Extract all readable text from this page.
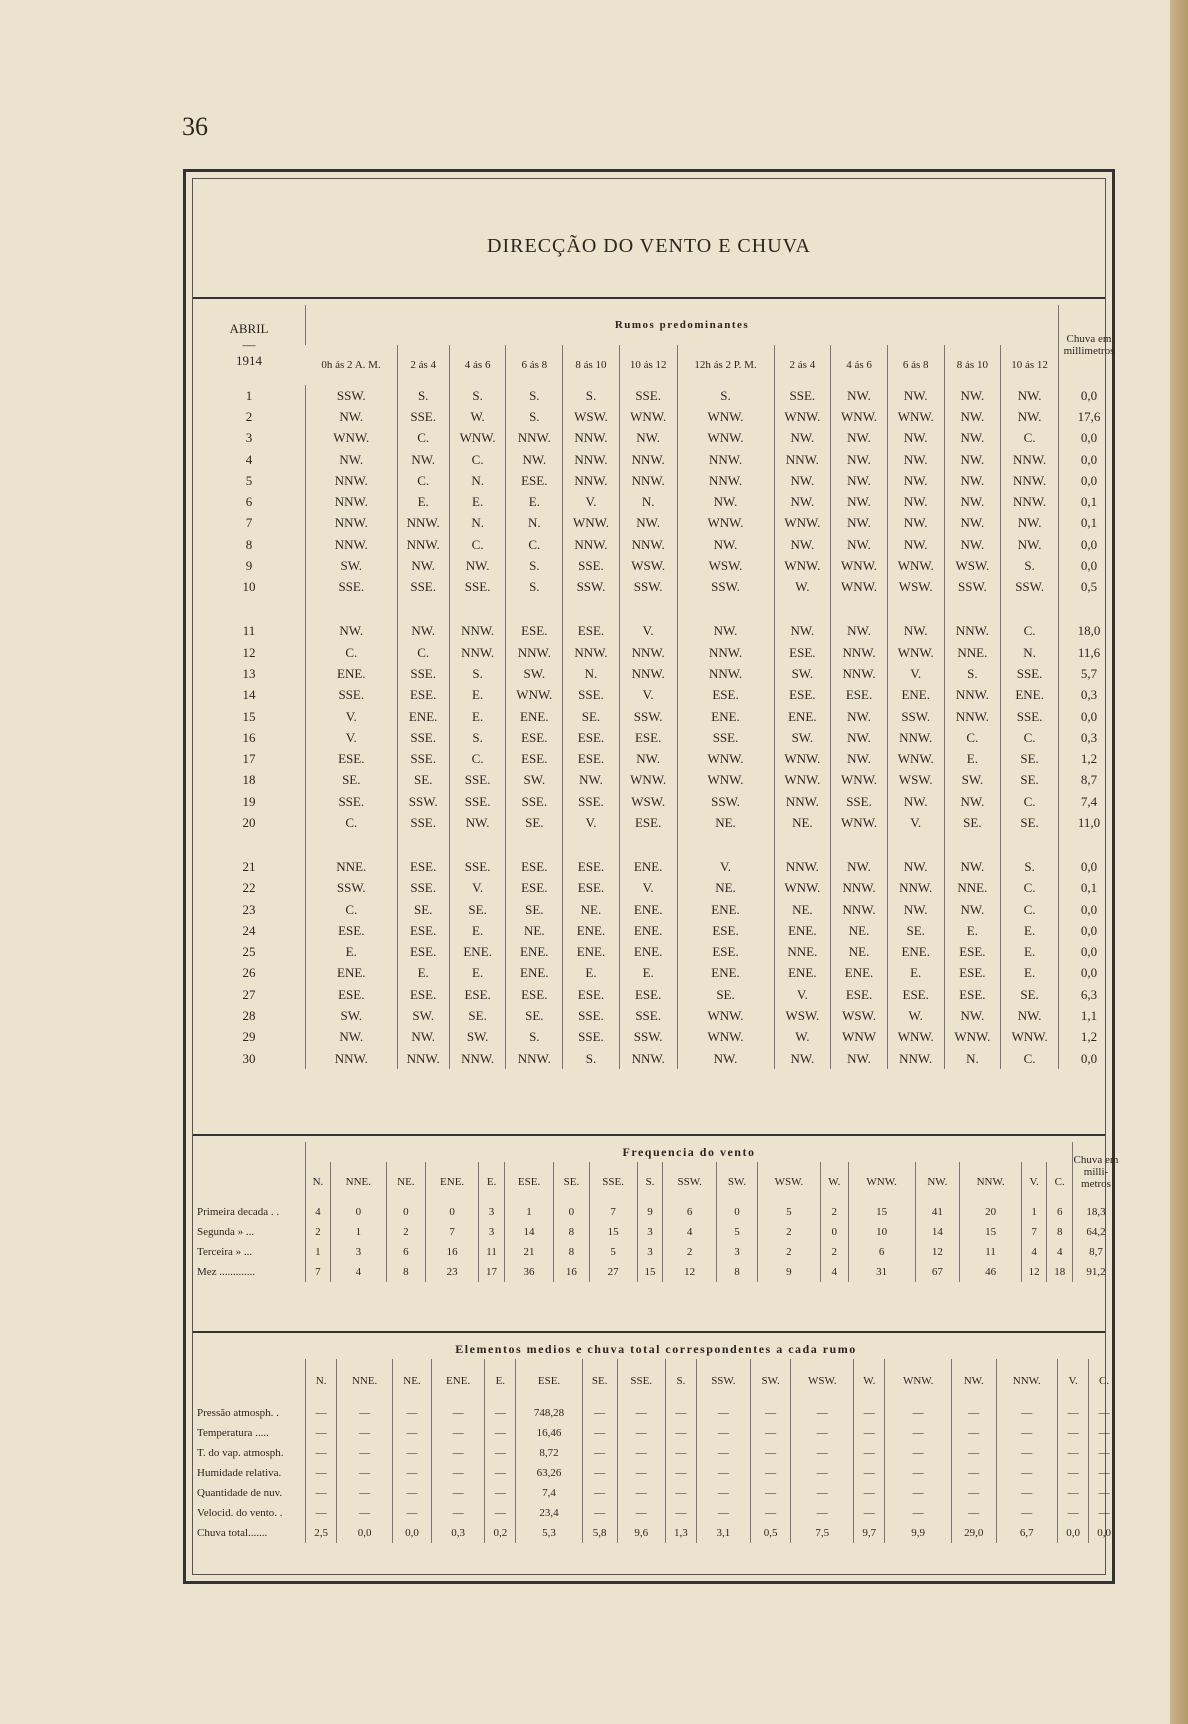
36
DIRECÇÃO DO VENTO E CHUVA
ABRIL
—
1914	Rumos predominantes												Chuva em millimetros
	0h ás 2 A. M.	2 ás 4	4 ás 6	6 ás 8	8 ás 10	10 ás 12	12h ás 2 P. M.	2 ás 4	4 ás 6	6 ás 8	8 ás 10	10 ás 12	
1	SSW.	S.	S.	S.	S.	SSE.	S.	SSE.	NW.	NW.	NW.	NW.	0,0
2	NW.	SSE.	W.	S.	WSW.	WNW.	WNW.	WNW.	WNW.	WNW.	NW.	NW.	17,6
3	WNW.	C.	WNW.	NNW.	NNW.	NW.	WNW.	NW.	NW.	NW.	NW.	C.	0,0
4	NW.	NW.	C.	NW.	NNW.	NNW.	NNW.	NNW.	NW.	NW.	NW.	NNW.	0,0
5	NNW.	C.	N.	ESE.	NNW.	NNW.	NNW.	NW.	NW.	NW.	NW.	NNW.	0,0
6	NNW.	E.	E.	E.	V.	N.	NW.	NW.	NW.	NW.	NW.	NNW.	0,1
7	NNW.	NNW.	N.	N.	WNW.	NW.	WNW.	WNW.	NW.	NW.	NW.	NW.	0,1
8	NNW.	NNW.	C.	C.	NNW.	NNW.	NW.	NW.	NW.	NW.	NW.	NW.	0,0
9	SW.	NW.	NW.	S.	SSE.	WSW.	WSW.	WNW.	WNW.	WNW.	WSW.	S.	0,0
10	SSE.	SSE.	SSE.	S.	SSW.	SSW.	SSW.	W.	WNW.	WSW.	SSW.	SSW.	0,5
11	NW.	NW.	NNW.	ESE.	ESE.	V.	NW.	NW.	NW.	NW.	NNW.	C.	18,0
12	C.	C.	NNW.	NNW.	NNW.	NNW.	NNW.	ESE.	NNW.	WNW.	NNE.	N.	11,6
13	ENE.	SSE.	S.	SW.	N.	NNW.	NNW.	SW.	NNW.	V.	S.	SSE.	5,7
14	SSE.	ESE.	E.	WNW.	SSE.	V.	ESE.	ESE.	ESE.	ENE.	NNW.	ENE.	0,3
15	V.	ENE.	E.	ENE.	SE.	SSW.	ENE.	ENE.	NW.	SSW.	NNW.	SSE.	0,0
16	V.	SSE.	S.	ESE.	ESE.	ESE.	SSE.	SW.	NW.	NNW.	C.	C.	0,3
17	ESE.	SSE.	C.	ESE.	ESE.	NW.	WNW.	WNW.	NW.	WNW.	E.	SE.	1,2
18	SE.	SE.	SSE.	SW.	NW.	WNW.	WNW.	WNW.	WNW.	WSW.	SW.	SE.	8,7
19	SSE.	SSW.	SSE.	SSE.	SSE.	WSW.	SSW.	NNW.	SSE.	NW.	NW.	C.	7,4
20	C.	SSE.	NW.	SE.	V.	ESE.	NE.	NE.	WNW.	V.	SE.	SE.	11,0
21	NNE.	ESE.	SSE.	ESE.	ESE.	ENE.	V.	NNW.	NW.	NW.	NW.	S.	0,0
22	SSW.	SSE.	V.	ESE.	ESE.	V.	NE.	WNW.	NNW.	NNW.	NNE.	C.	0,1
23	C.	SE.	SE.	SE.	NE.	ENE.	ENE.	NE.	NNW.	NW.	NW.	C.	0,0
24	ESE.	ESE.	E.	NE.	ENE.	ENE.	ESE.	ENE.	NE.	SE.	E.	E.	0,0
25	E.	ESE.	ENE.	ENE.	ENE.	ENE.	ESE.	NNE.	NE.	ENE.	ESE.	E.	0,0
26	ENE.	E.	E.	ENE.	E.	E.	ENE.	ENE.	ENE.	E.	ESE.	E.	0,0
27	ESE.	ESE.	ESE.	ESE.	ESE.	ESE.	SE.	V.	ESE.	ESE.	ESE.	SE.	6,3
28	SW.	SW.	SE.	SE.	SSE.	SSE.	WNW.	WSW.	WSW.	W.	NW.	NW.	1,1
29	NW.	NW.	SW.	S.	SSE.	SSW.	WNW.	W.	WNW	WNW.	WNW.	WNW.	1,2
30	NNW.	NNW.	NNW.	NNW.	S.	NNW.	NW.	NW.	NW.	NNW.	N.	C.	0,0
	Frequencia do vento																		Chuva em milli-metros
	N.	NNE.	NE.	ENE.	E.	ESE.	SE.	SSE.	S.	SSW.	SW.	WSW.	W.	WNW.	NW.	NNW.	V.	C.	
Primeira decada . .	4	0	0	0	3	1	0	7	9	6	0	5	2	15	41	20	1	6	18,3
Segunda » ...	2	1	2	7	3	14	8	15	3	4	5	2	0	10	14	15	7	8	64,2
Terceira » ...	1	3	6	16	11	21	8	5	3	2	3	2	2	6	12	11	4	4	8,7
Mez .............	7	4	8	23	17	36	16	27	15	12	8	9	4	31	67	46	12	18	91,2
Elementos medios e chuva total correspondentes a cada rumo																		
	N.	NNE.	NE.	ENE.	E.	ESE.	SE.	SSE.	S.	SSW.	SW.	WSW.	W.	WNW.	NW.	NNW.	V.	C.
Pressão atmosph. .	—	—	—	—	—	748,28	—	—	—	—	—	—	—	—	—	—	—	—
Temperatura .....	—	—	—	—	—	16,46	—	—	—	—	—	—	—	—	—	—	—	—
T. do vap. atmosph.	—	—	—	—	—	8,72	—	—	—	—	—	—	—	—	—	—	—	—
Humidade relativa.	—	—	—	—	—	63,26	—	—	—	—	—	—	—	—	—	—	—	—
Quantidade de nuv.	—	—	—	—	—	7,4	—	—	—	—	—	—	—	—	—	—	—	—
Velocid. do vento. .	—	—	—	—	—	23,4	—	—	—	—	—	—	—	—	—	—	—	—
Chuva total.......	2,5	0,0	0,0	0,3	0,2	5,3	5,8	9,6	1,3	3,1	0,5	7,5	9,7	9,9	29,0	6,7	0,0	0,0
